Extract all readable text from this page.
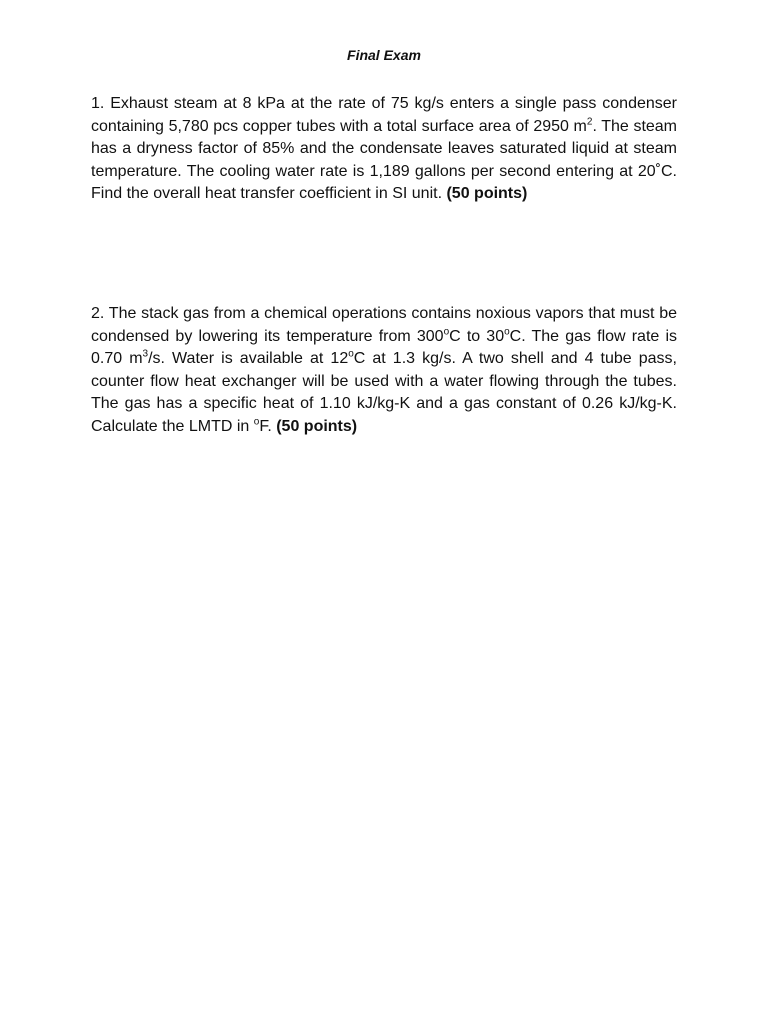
Final Exam

1. Exhaust steam at 8 kPa at the rate of 75 kg/s enters a single pass condenser containing 5,780 pcs copper tubes with a total surface area of 2950 $m^2$. The steam has a dryness factor of 85% and the condensate leaves saturated liquid at steam temperature. The cooling water rate is 1,189 gallons per second entering at 20˚C. Find the overall heat transfer coefficient in SI unit. (50 points)

2. The stack gas from a chemical operations contains noxious vapors that must be condensed by lowering its temperature from 300$^o$C to 30$^o$C. The gas flow rate is 0.70 $m^3/s$. Water is available at 12$^o$C at 1.3 kg/s. A two shell and 4 tube pass, counter flow heat exchanger will be used with a water flowing through the tubes. The gas has a specific heat of 1.10 kJ/kg-K and a gas constant of 0.26 kJ/kg-K. Calculate the LMTD in $^o$F. (50 points)
